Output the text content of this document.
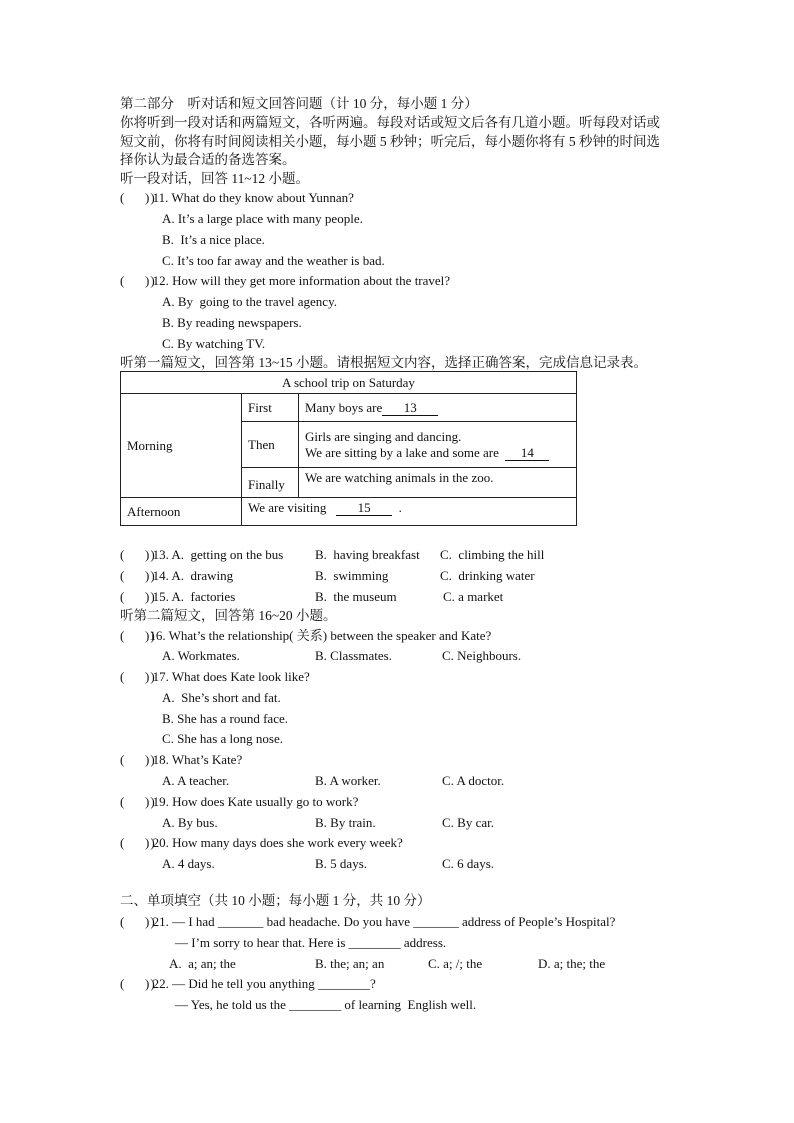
第二部分　听对话和短文回答问题（计 10 分，每小题 1 分）
你将听到一段对话和两篇短文，各听两遍。每段对话或短文后各有几道小题。听每段对话或
短文前，你将有时间阅读相关小题，每小题 5 秒钟；听完后，每小题你将有 5 秒钟的时间选
择你认为最合适的备选答案。
听一段对话，回答 11~12 小题。
(　　)
) 11. What do they know about Yunnan?
A. It’s a large place with many people.
B.  It’s a nice place.
C. It’s too far away and the weather is bad.
(　　)
) 12. How will they get more information about the travel?
A. By  going to the travel agency.
B. By reading newspapers.
C. By watching TV.
听第一篇短文，回答第 13~15 小题。请根据短文内容，选择正确答案，完成信息记录表。
A school trip on Saturday		
Morning	First	Many boys are 13
	Then	Girls are singing and dancing.
We are sitting by a lake and some are 14

	Finally	We are watching animals in the zoo.
Afternoon	We are visiting 15 .	
(　　)
) 13. A.  getting on the bus B.  having breakfast C.  climbing the hill
(　　)
) 14. A.  drawing	B.  swimming	C.  drinking water
(　　)
) 15. A.  factories	B.  the museum	C. a market
听第二篇短文，回答第 16~20 小题。
(　　)
)16. What’s the relationship( 关系) between the speaker and Kate?
A. Workmates.	B. Classmates.	C. Neighbours.
(　　)
) 17. What does Kate look like?
A.  She’s short and fat.
B. She has a round face.
C. She has a long nose.
(　　)
) 18. What’s Kate?
A. A teacher.	B. A worker.	C. A doctor.
(　　)
) 19. How does Kate usually go to work?
A. By bus.	B. By train.	C. By car.
(　　)
) 20. How many days does she work every week?
A. 4 days.	B. 5 days.	C. 6 days.
二、单项填空（共 10 小题；每小题 1 分，共 10 分）
(　　)
) 21. — I had _______ bad headache. Do you have _______ address of People’s Hospital?
— I’m sorry to hear that. Here is ________ address.
A.  a; an; the	B. the; an; an	C. a; /; the	D. a; the; the
(　　)
) 22. — Did he tell you anything ________?
— Yes, he told us the ________ of learning  English well.
